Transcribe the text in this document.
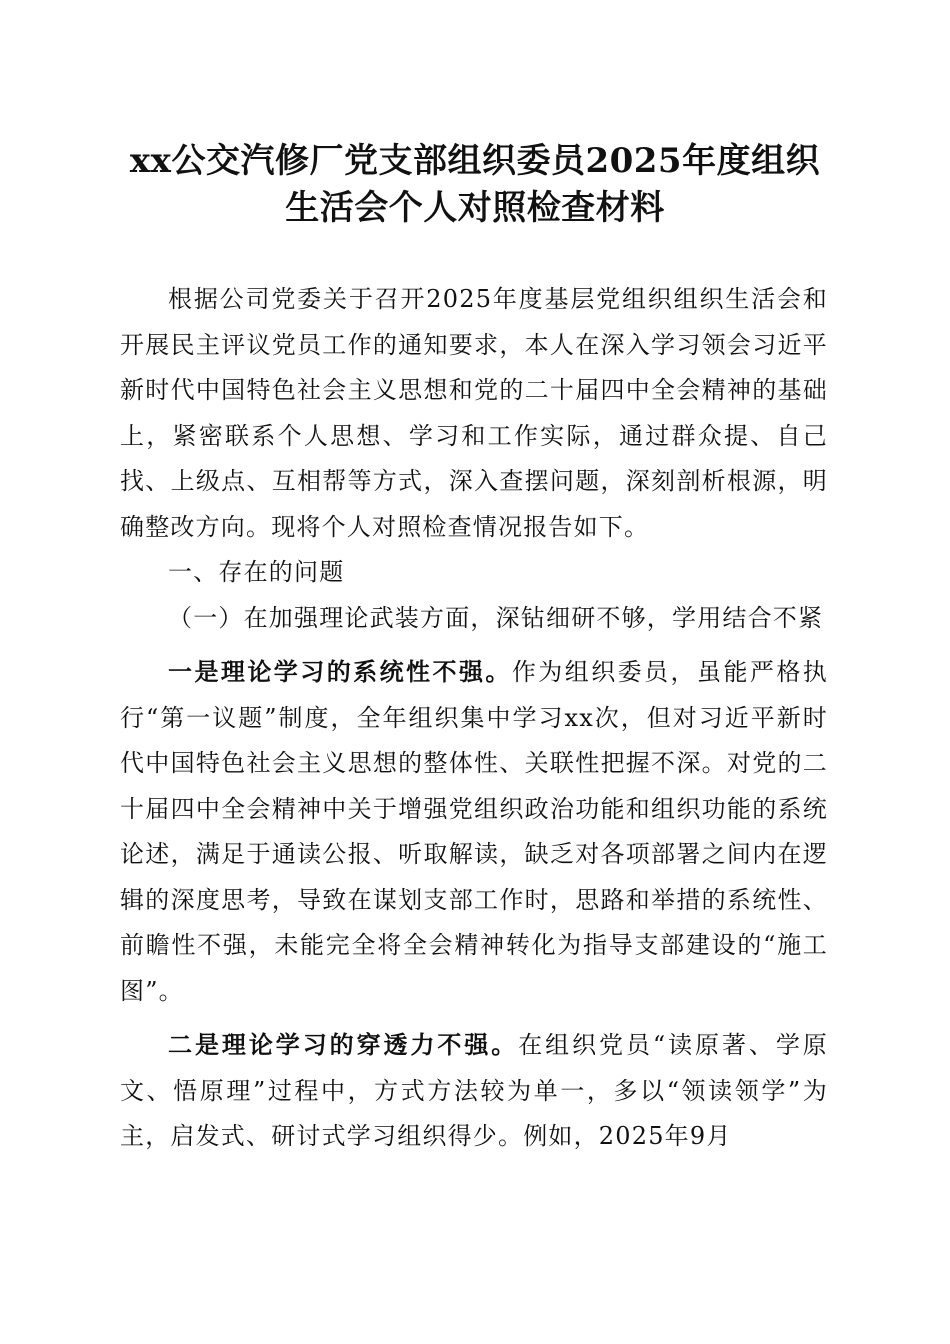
xx公交汽修厂党支部组织委员2025年度组织
生活会个人对照检查材料

根据公司党委关于召开2025年度基层党组织组织生活会和开展民主评议党员工作的通知要求，本人在深入学习领会习近平新时代中国特色社会主义思想和党的二十届四中全会精神的基础上，紧密联系个人思想、学习和工作实际，通过群众提、自己找、上级点、互相帮等方式，深入查摆问题，深刻剖析根源，明确整改方向。现将个人对照检查情况报告如下。

一、存在的问题

（一）在加强理论武装方面，深钻细研不够，学用结合不紧

一是理论学习的系统性不强。作为组织委员，虽能严格执行“第一议题”制度，全年组织集中学习xx次，但对习近平新时代中国特色社会主义思想的整体性、关联性把握不深。对党的二十届四中全会精神中关于增强党组织政治功能和组织功能的系统论述，满足于通读公报、听取解读，缺乏对各项部署之间内在逻辑的深度思考，导致在谋划支部工作时，思路和举措的系统性、前瞻性不强，未能完全将全会精神转化为指导支部建设的“施工图”。

二是理论学习的穿透力不强。在组织党员“读原著、学原文、悟原理”过程中，方式方法较为单一，多以“领读领学”为主，启发式、研讨式学习组织得少。例如，2025年9月
